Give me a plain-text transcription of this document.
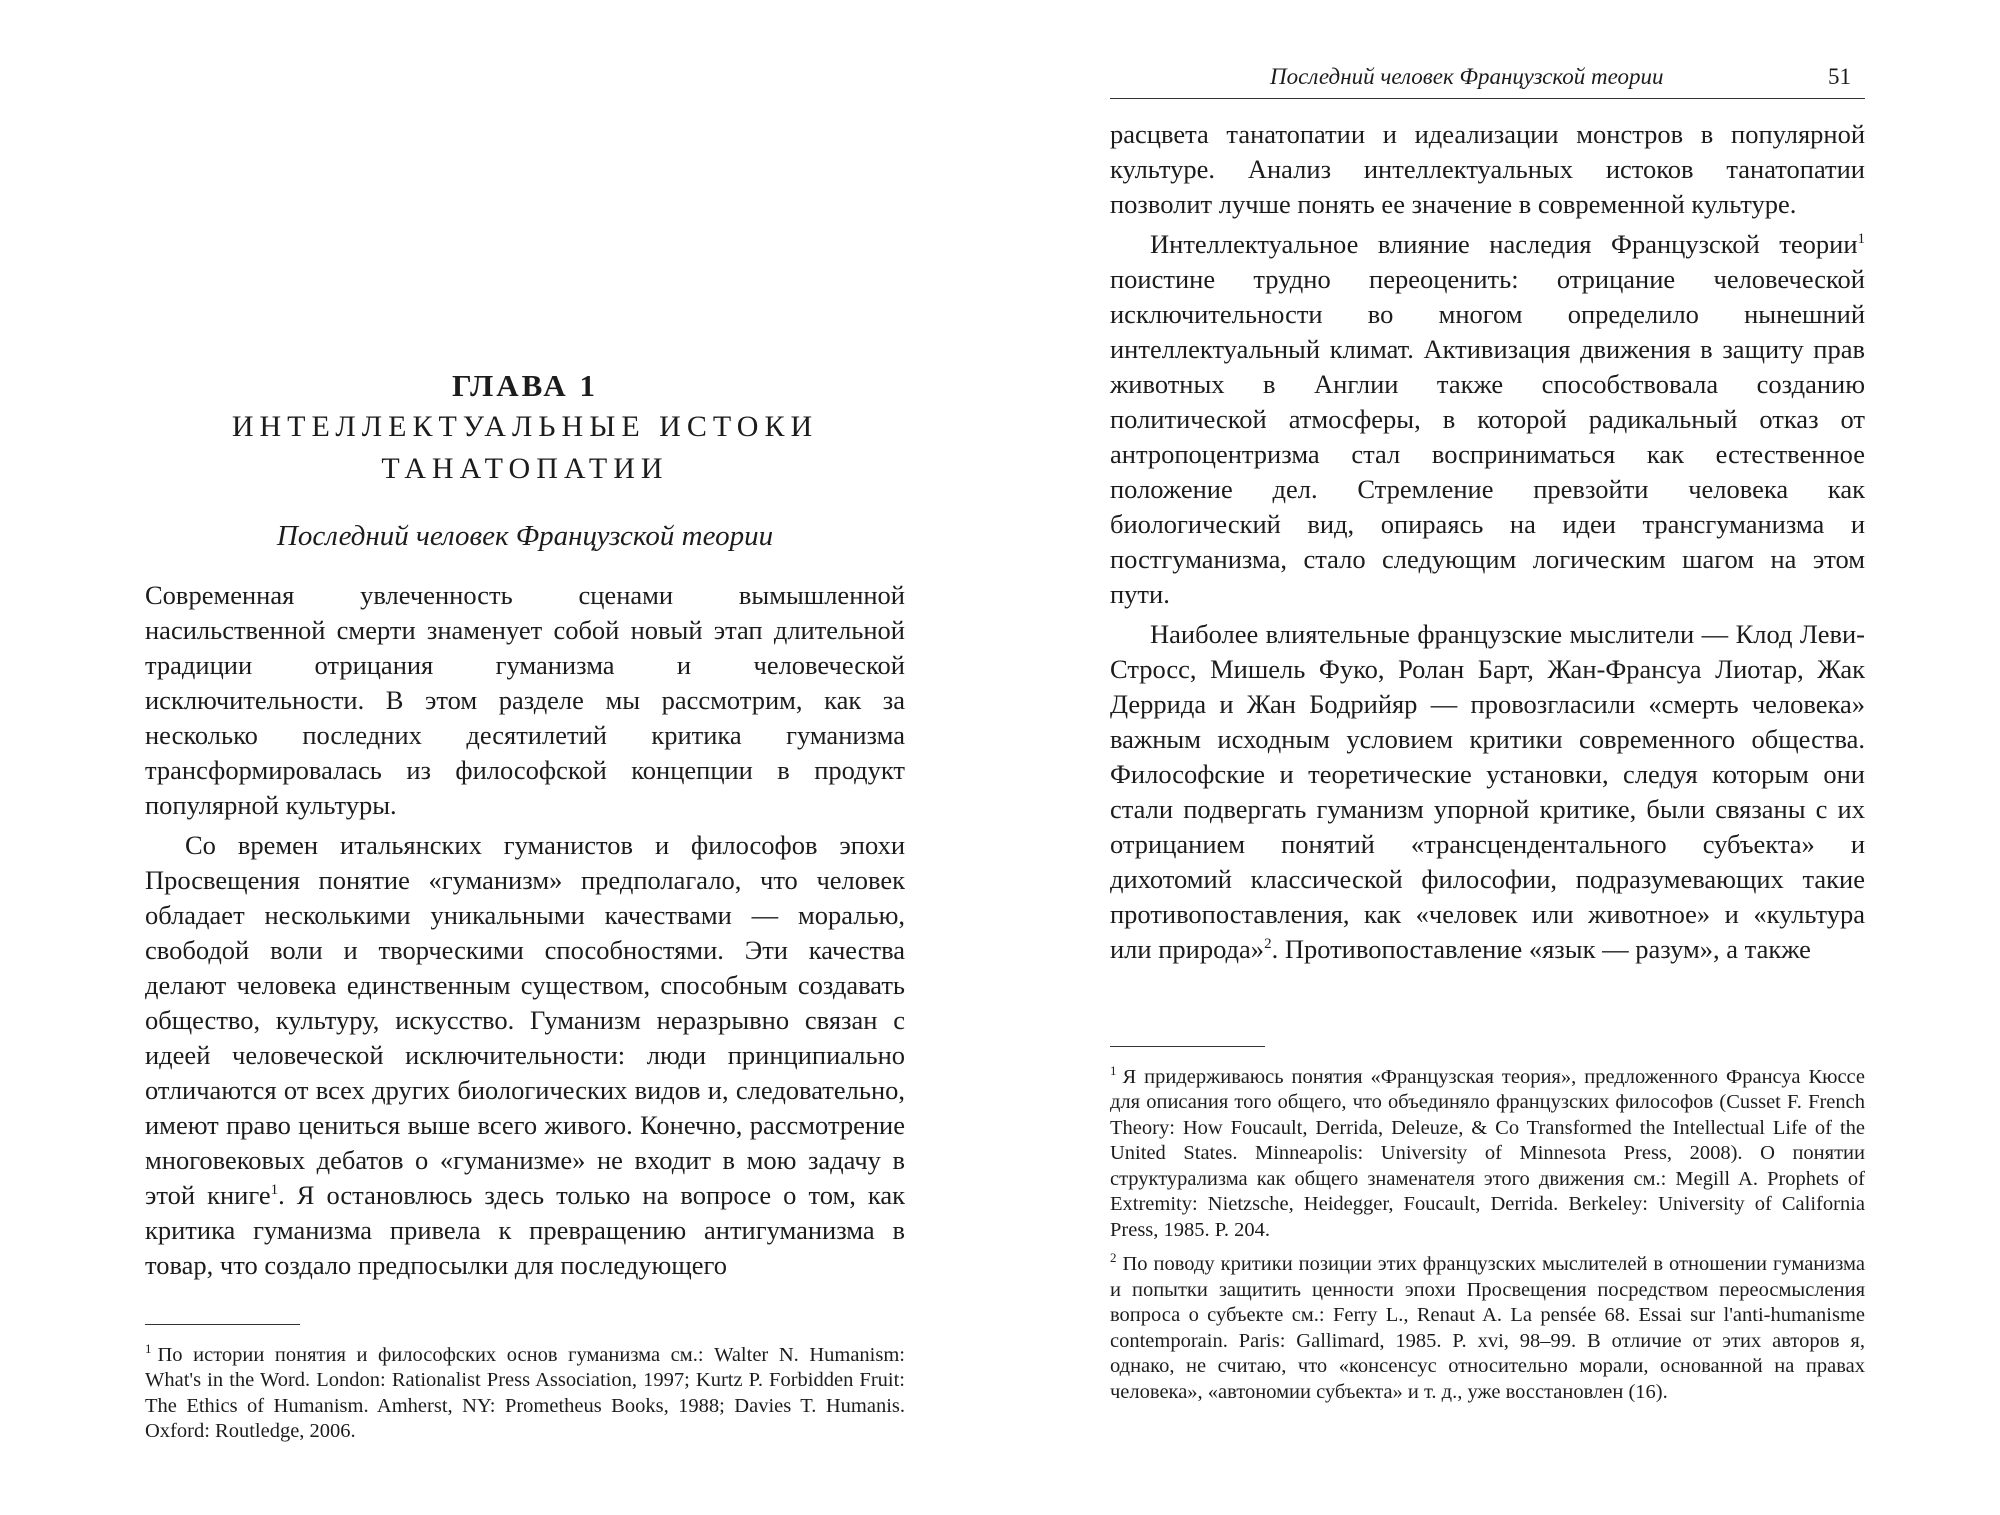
ГЛАВА 1
ИНТЕЛЛЕКТУАЛЬНЫЕ ИСТОКИ
ТАНАТОПАТИИ
Последний человек Французской теории

Современная увлеченность сценами вымышленной насильственной смерти знаменует собой новый этап длительной традиции отрицания гуманизма и человеческой исключительности. В этом разделе мы рассмотрим, как за несколько последних десятилетий критика гуманизма трансформировалась из философской концепции в продукт популярной культуры.

Со времен итальянских гуманистов и философов эпохи Просвещения понятие «гуманизм» предполагало, что человек обладает несколькими уникальными качествами — моралью, свободой воли и творческими способностями. Эти качества делают человека единственным существом, способным создавать общество, культуру, искусство. Гуманизм неразрывно связан с идеей человеческой исключительности: люди принципиально отличаются от всех других биологических видов и, следовательно, имеют право цениться выше всего живого. Конечно, рассмотрение многовековых дебатов о «гуманизме» не входит в мою задачу в этой книге$^1$. Я остановлюсь здесь только на вопросе о том, как критика гуманизма привела к превращению антигуманизма в товар, что создало предпосылки для последующего

$^1$ По истории понятия и философских основ гуманизма см.: Walter N. Humanism: What's in the Word. London: Rationalist Press Association, 1997; Kurtz P. Forbidden Fruit: The Ethics of Humanism. Amherst, NY: Prometheus Books, 1988; Davies T. Humanis. Oxford: Routledge, 2006.

Последний человек Французской теории	51

расцвета танатопатии и идеализации монстров в популярной культуре. Анализ интеллектуальных истоков танатопатии позволит лучше понять ее значение в современной культуре.

Интеллектуальное влияние наследия Французской теории$^1$ поистине трудно переоценить: отрицание человеческой исключительности во многом определило нынешний интеллектуальный климат. Активизация движения в защиту прав животных в Англии также способствовала созданию политической атмосферы, в которой радикальный отказ от антропоцентризма стал восприниматься как естественное положение дел. Стремление превзойти человека как биологический вид, опираясь на идеи трансгуманизма и постгуманизма, стало следующим логическим шагом на этом пути.

Наиболее влиятельные французские мыслители — Клод Леви-Стросс, Мишель Фуко, Ролан Барт, Жан-Франсуа Лиотар, Жак Деррида и Жан Бодрийяр — провозгласили «смерть человека» важным исходным условием критики современного общества. Философские и теоретические установки, следуя которым они стали подвергать гуманизм упорной критике, были связаны с их отрицанием понятий «трансцендентального субъекта» и дихотомий классической философии, подразумевающих такие противопоставления, как «человек или животное» и «культура или природа»$^2$. Противопоставление «язык — разум», а также

$^1$ Я придерживаюсь понятия «Французская теория», предложенного Франсуа Кюссе для описания того общего, что объединяло французских философов (Cusset F. French Theory: How Foucault, Derrida, Deleuze, & Co Transformed the Intellectual Life of the United States. Minneapolis: University of Minnesota Press, 2008). О понятии структурализма как общего знаменателя этого движения см.: Megill A. Prophets of Extremity: Nietzsche, Heidegger, Foucault, Derrida. Berkeley: University of California Press, 1985. P. 204.

$^2$ По поводу критики позиции этих французских мыслителей в отношении гуманизма и попытки защитить ценности эпохи Просвещения посредством переосмысления вопроса о субъекте см.: Ferry L., Renaut A. La pensée 68. Essai sur l'anti-humanisme contemporain. Paris: Gallimard, 1985. P. xvi, 98–99. В отличие от этих авторов я, однако, не считаю, что «консенсус относительно морали, основанной на правах человека», «автономии субъекта» и т. д., уже восстановлен (16).
